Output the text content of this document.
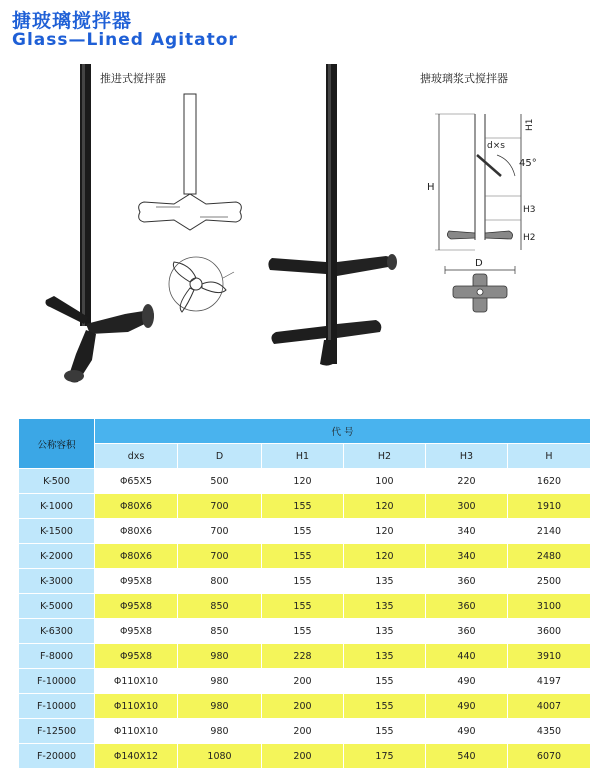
搪玻璃搅拌器
Glass—Lined Agitator
推进式搅拌器	搪玻璃浆式搅拌器
H1
d×s
45°
H
H3
H2
D
公称容积	代 号					
	dxs	D	H1	H2	H3	H
K-500	Φ65X5	500	120	100	220	1620
K-1000	Φ80X6	700	155	120	300	1910
K-1500	Φ80X6	700	155	120	340	2140
K-2000	Φ80X6	700	155	120	340	2480
K-3000	Φ95X8	800	155	135	360	2500
K-5000	Φ95X8	850	155	135	360	3100
K-6300	Φ95X8	850	155	135	360	3600
F-8000	Φ95X8	980	228	135	440	3910
F-10000	Φ110X10	980	200	155	490	4197
F-10000	Φ110X10	980	200	155	490	4007
F-12500	Φ110X10	980	200	155	490	4350
F-20000	Φ140X12	1080	200	175	540	6070
